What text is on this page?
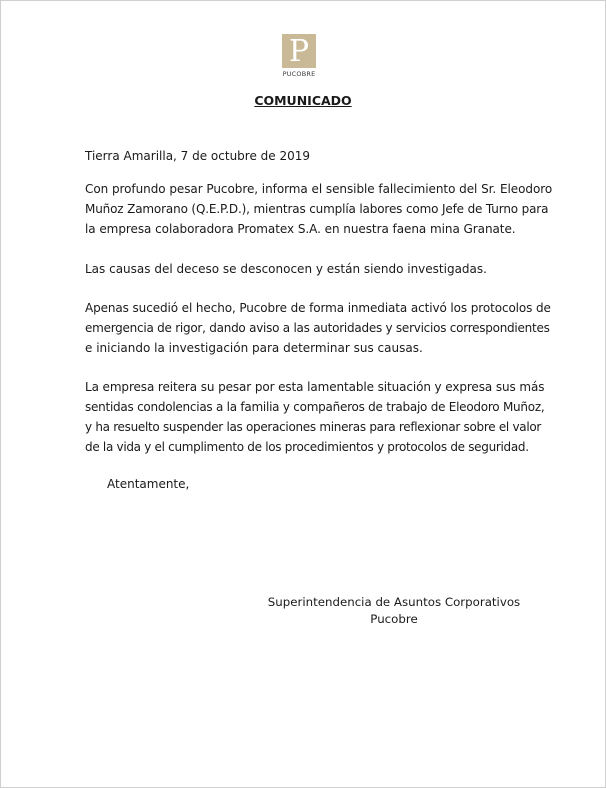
P
PUCOBRE
COMUNICADO
Tierra Amarilla, 7 de octubre de 2019
Con profundo pesar Pucobre, informa el sensible fallecimiento del Sr. Eleodoro
Muñoz Zamorano (Q.E.P.D.), mientras cumplía labores como Jefe de Turno para
la empresa colaboradora Promatex S.A. en nuestra faena mina Granate.
Las causas del deceso se desconocen y están siendo investigadas.
Apenas sucedió el hecho, Pucobre de forma inmediata activó los protocolos de
emergencia de rigor, dando aviso a las autoridades y servicios correspondientes
e iniciando la investigación para determinar sus causas.
La empresa reitera su pesar por esta lamentable situación y expresa sus más
sentidas condolencias a la familia y compañeros de trabajo de Eleodoro Muñoz,
y ha resuelto suspender las operaciones mineras para reflexionar sobre el valor
de la vida y el cumplimento de los procedimientos y protocolos de seguridad.
Atentamente,
Superintendencia de Asuntos Corporativos
Pucobre
